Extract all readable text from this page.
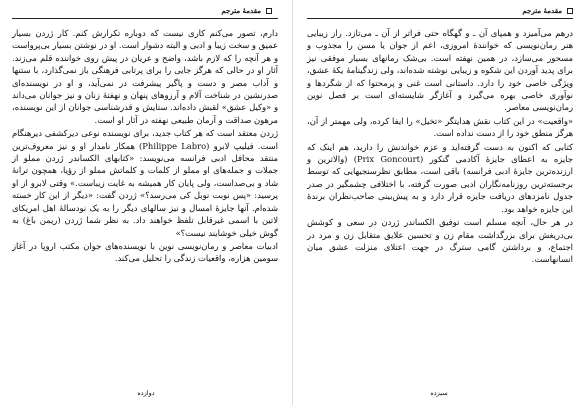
مقدمهٔ مترجم

دارم، تصور می‌کنم کاری نیست که دوباره تکرارش کنم. کار ژردن بسیار عمیق و سخت زیبا و ادبی و البته دشوار است. او در نوشتن بسیار بی‌پرواست و هر آنچه را که لازم باشد، واضح و عریان در پیش روی خواننده قلم می‌زند. آثار او در حالی که هرگز جایی را برای پرتابی فرهنگی باز نمی‌گذارد، با ستنها و آداب مصر و دست و پاگیر پیشرفت در نمی‌آید، و او در نویسنده‌ای صدرنشین در شناخت آلام و آرزوهای پنهان و نهفتهٔ زنان و نیز جوانان می‌داند و «وکیل عشق» لقبش داده‌اند. ستایش و قدرشناسی جوانان از این نویسنده، مرهون صداقت و آرمان طبیعی نهفته در آثار او است.

ژردن معتقد است که هر کتاب جدید، برای نویسنده نوعی دیرکشفی دیرهنگام است. فیلیپ لابرو (Philippe Labro) همکار نامدار او و نیز معروف‌ترین منتقد محافل ادبی فرانسه می‌نویسد: «کتابهای الکساندر ژردن مملو از جملات و جمله‌های او مملو از کلمات و کلماتش مملو از رؤیا، همچون ترانهٔ شاد و بی‌صداست، ولی پایان کار همیشه به غایت زیباست.» وقتی لابرو از او پرسید: «پس نوبت نوبل کی می‌رسد؟» ژردن گفت: «دیگر از این کار خسته شده‌ام. آنها جایزهٔ امسال و نیز سالهای دیگر را به یک نودسالهٔ اهل امریکای لاتین با اسمی غیرقابل تلفظ خواهند داد. به نظر شما ژردن (ریمن باغ) به گوش خیلی خوشایند نیست؟»

ادبیات معاصر و رمان‌نویسی نوین با نویسنده‌های جوان مکتب اروپا در آغاز سومین هزاره، واقعیات زندگی را تحلیل می‌کند.

دوازده
مقدمهٔ مترجم

درهم می‌آمیزد و همپای آن ـ و گهگاه حتی فراتر از آن ـ می‌تازد. راز زیبایی هنر رمان‌نویسی که خوانندهٔ امروزی، اعم از جوان یا مسن را مجذوب و مسحور می‌سازد، در همین نهفته است. بی‌شک رمانهای بسیار موفقی نیز برای پدید آوردن این شکوه و زیبایی نوشته شده‌اند، ولی زندگینامهٔ یکهٔ عشق، ویژگی خاصی خود را دارد. داستانی است غنی و پرمحتوا که از شگردها و نوآوری خاصی بهره می‌گیرد و آغازگر شایسته‌ای است بر فصل نوین رمان‌نویسی معاصر.

«واقعیت» در این کتاب نقش هدایتگر «تخیل» را ایفا کرده، ولی مهمتر از آن، هرگز منطق خود را از دست نداده است.

کتابی که اکنون به دست گرفته‌اید و عزم خواندنش را دارید، هم اینک که جایزه به اعطای جایزهٔ آکادمی گنکور (Prix Goncourt) (والاترین و ارزنده‌ترین جایزهٔ ادبی فرانسه) باقی است، مطابق نظرسنجیهایی که توسط برجسته‌ترین روزنامه‌نگاران ادبی صورت گرفته، با اختلافی چشمگیر در صدر جدول نامزدهای دریافت جایزه قرار دارد و به پیش‌بینی صاحب‌نظران برندهٔ این جایزه خواهد بود.

در هر حال، آنچه مسلم است توفیق الکساندر ژردن در سعی و کوشش بی‌دریغش برای بزرگداشت مقام زن و تحسین علایق متقابل زن و مرد در اجتماع، و برداشتن گامی سترگ در جهت اعتلای منزلت عشق میان انسانهاست.

سیزده
